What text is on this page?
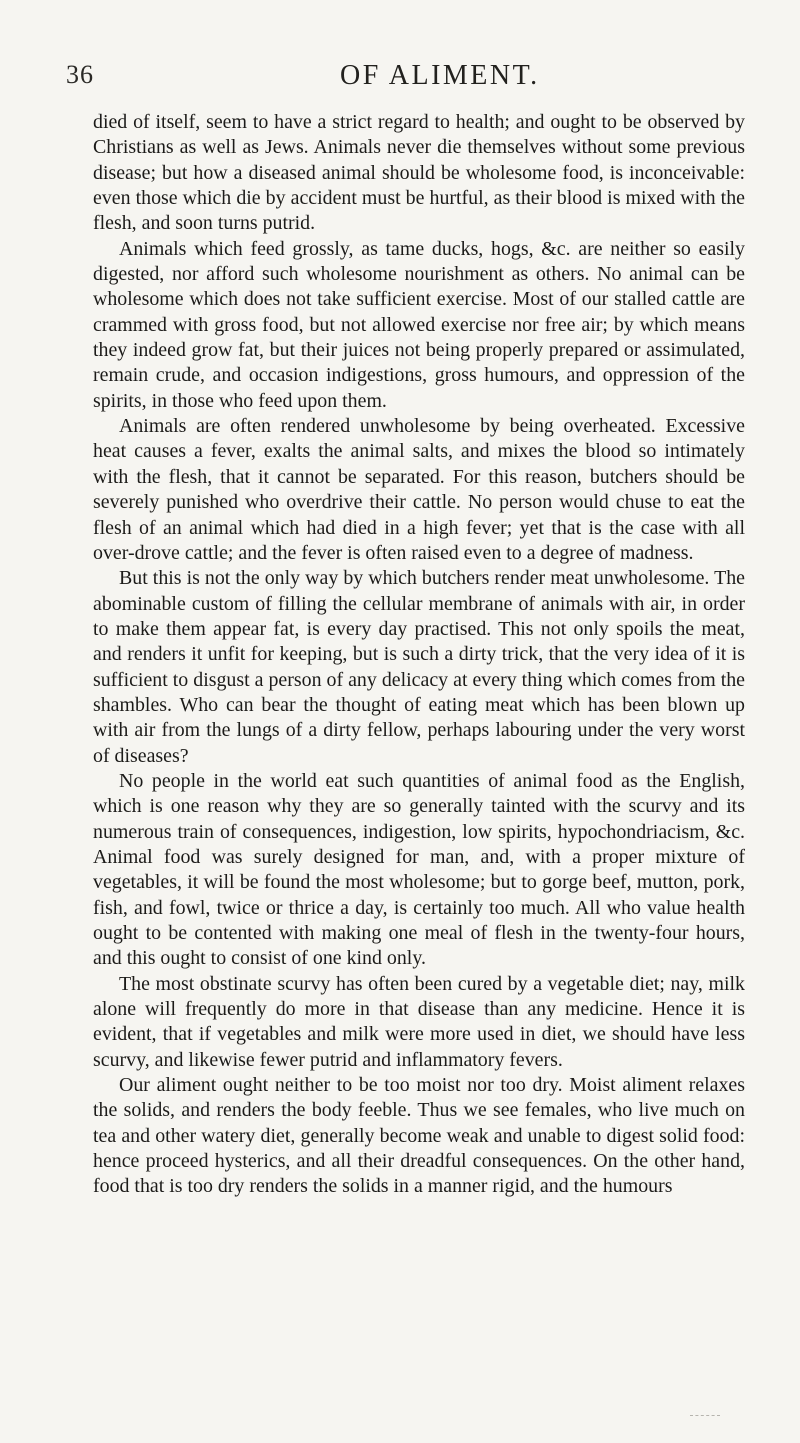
36	OF ALIMENT.

died of itself, seem to have a strict regard to health; and ought to be observed by Christians as well as Jews. Animals never die themselves without some previous disease; but how a diseased animal should be wholesome food, is inconceivable: even those which die by accident must be hurtful, as their blood is mixed with the flesh, and soon turns putrid.

Animals which feed grossly, as tame ducks, hogs, &c. are neither so easily digested, nor afford such wholesome nourishment as others. No animal can be wholesome which does not take sufficient exercise. Most of our stalled cattle are crammed with gross food, but not allowed exercise nor free air; by which means they indeed grow fat, but their juices not being properly prepared or assimulated, remain crude, and occasion indigestions, gross humours, and oppression of the spirits, in those who feed upon them.

Animals are often rendered unwholesome by being overheated. Excessive heat causes a fever, exalts the animal salts, and mixes the blood so intimately with the flesh, that it cannot be separated. For this reason, butchers should be severely punished who overdrive their cattle. No person would chuse to eat the flesh of an animal which had died in a high fever; yet that is the case with all over-drove cattle; and the fever is often raised even to a degree of madness.

But this is not the only way by which butchers render meat unwholesome. The abominable custom of filling the cellular membrane of animals with air, in order to make them appear fat, is every day practised. This not only spoils the meat, and renders it unfit for keeping, but is such a dirty trick, that the very idea of it is sufficient to disgust a person of any delicacy at every thing which comes from the shambles. Who can bear the thought of eating meat which has been blown up with air from the lungs of a dirty fellow, perhaps labouring under the very worst of diseases?

No people in the world eat such quantities of animal food as the English, which is one reason why they are so generally tainted with the scurvy and its numerous train of consequences, indigestion, low spirits, hypochondriacism, &c. Animal food was surely designed for man, and, with a proper mixture of vegetables, it will be found the most wholesome; but to gorge beef, mutton, pork, fish, and fowl, twice or thrice a day, is certainly too much. All who value health ought to be contented with making one meal of flesh in the twenty-four hours, and this ought to consist of one kind only.

The most obstinate scurvy has often been cured by a vegetable diet; nay, milk alone will frequently do more in that disease than any medicine. Hence it is evident, that if vegetables and milk were more used in diet, we should have less scurvy, and likewise fewer putrid and inflammatory fevers.

Our aliment ought neither to be too moist nor too dry. Moist aliment relaxes the solids, and renders the body feeble. Thus we see females, who live much on tea and other watery diet, generally become weak and unable to digest solid food: hence proceed hysterics, and all their dreadful consequences. On the other hand, food that is too dry renders the solids in a manner rigid, and the humours
